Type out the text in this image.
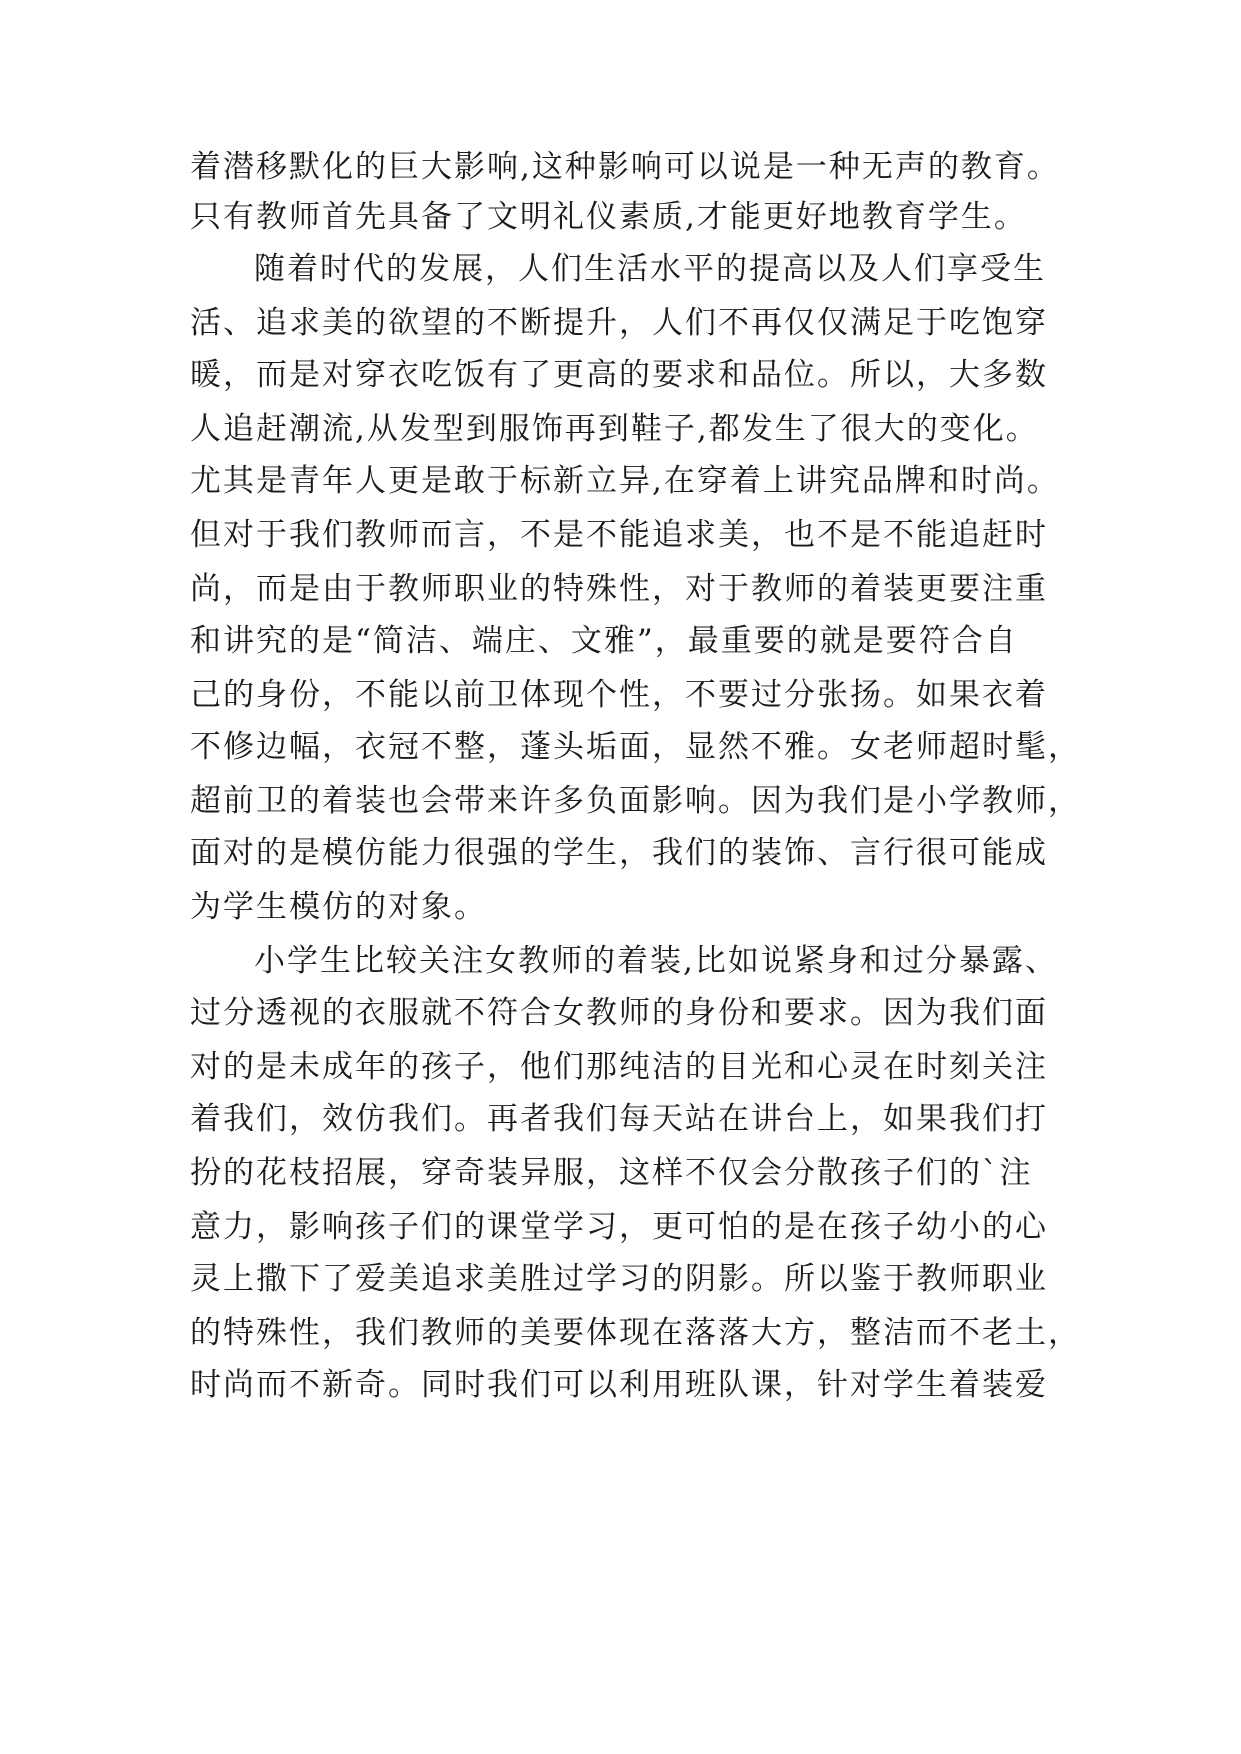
着潜移默化的巨大影响,这种影响可以说是一种无声的教育。
只有教师首先具备了文明礼仪素质,才能更好地教育学生。
随着时代的发展，人们生活水平的提高以及人们享受生
活、追求美的欲望的不断提升，人们不再仅仅满足于吃饱穿
暖，而是对穿衣吃饭有了更高的要求和品位。所以，大多数
人追赶潮流,从发型到服饰再到鞋子,都发生了很大的变化。
尤其是青年人更是敢于标新立异,在穿着上讲究品牌和时尚。
但对于我们教师而言，不是不能追求美，也不是不能追赶时
尚，而是由于教师职业的特殊性，对于教师的着装更要注重
和讲究的是“简洁、端庄、文雅”，最重要的就是要符合自
己的身份，不能以前卫体现个性，不要过分张扬。如果衣着
不修边幅，衣冠不整，蓬头垢面，显然不雅。女老师超时髦，
超前卫的着装也会带来许多负面影响。因为我们是小学教师，
面对的是模仿能力很强的学生，我们的装饰、言行很可能成
为学生模仿的对象。
小学生比较关注女教师的着装,比如说紧身和过分暴露、
过分透视的衣服就不符合女教师的身份和要求。因为我们面
对的是未成年的孩子，他们那纯洁的目光和心灵在时刻关注
着我们，效仿我们。再者我们每天站在讲台上，如果我们打
扮的花枝招展，穿奇装异服，这样不仅会分散孩子们的`注
意力，影响孩子们的课堂学习，更可怕的是在孩子幼小的心
灵上撒下了爱美追求美胜过学习的阴影。所以鉴于教师职业
的特殊性，我们教师的美要体现在落落大方，整洁而不老土，
时尚而不新奇。同时我们可以利用班队课，针对学生着装爱
